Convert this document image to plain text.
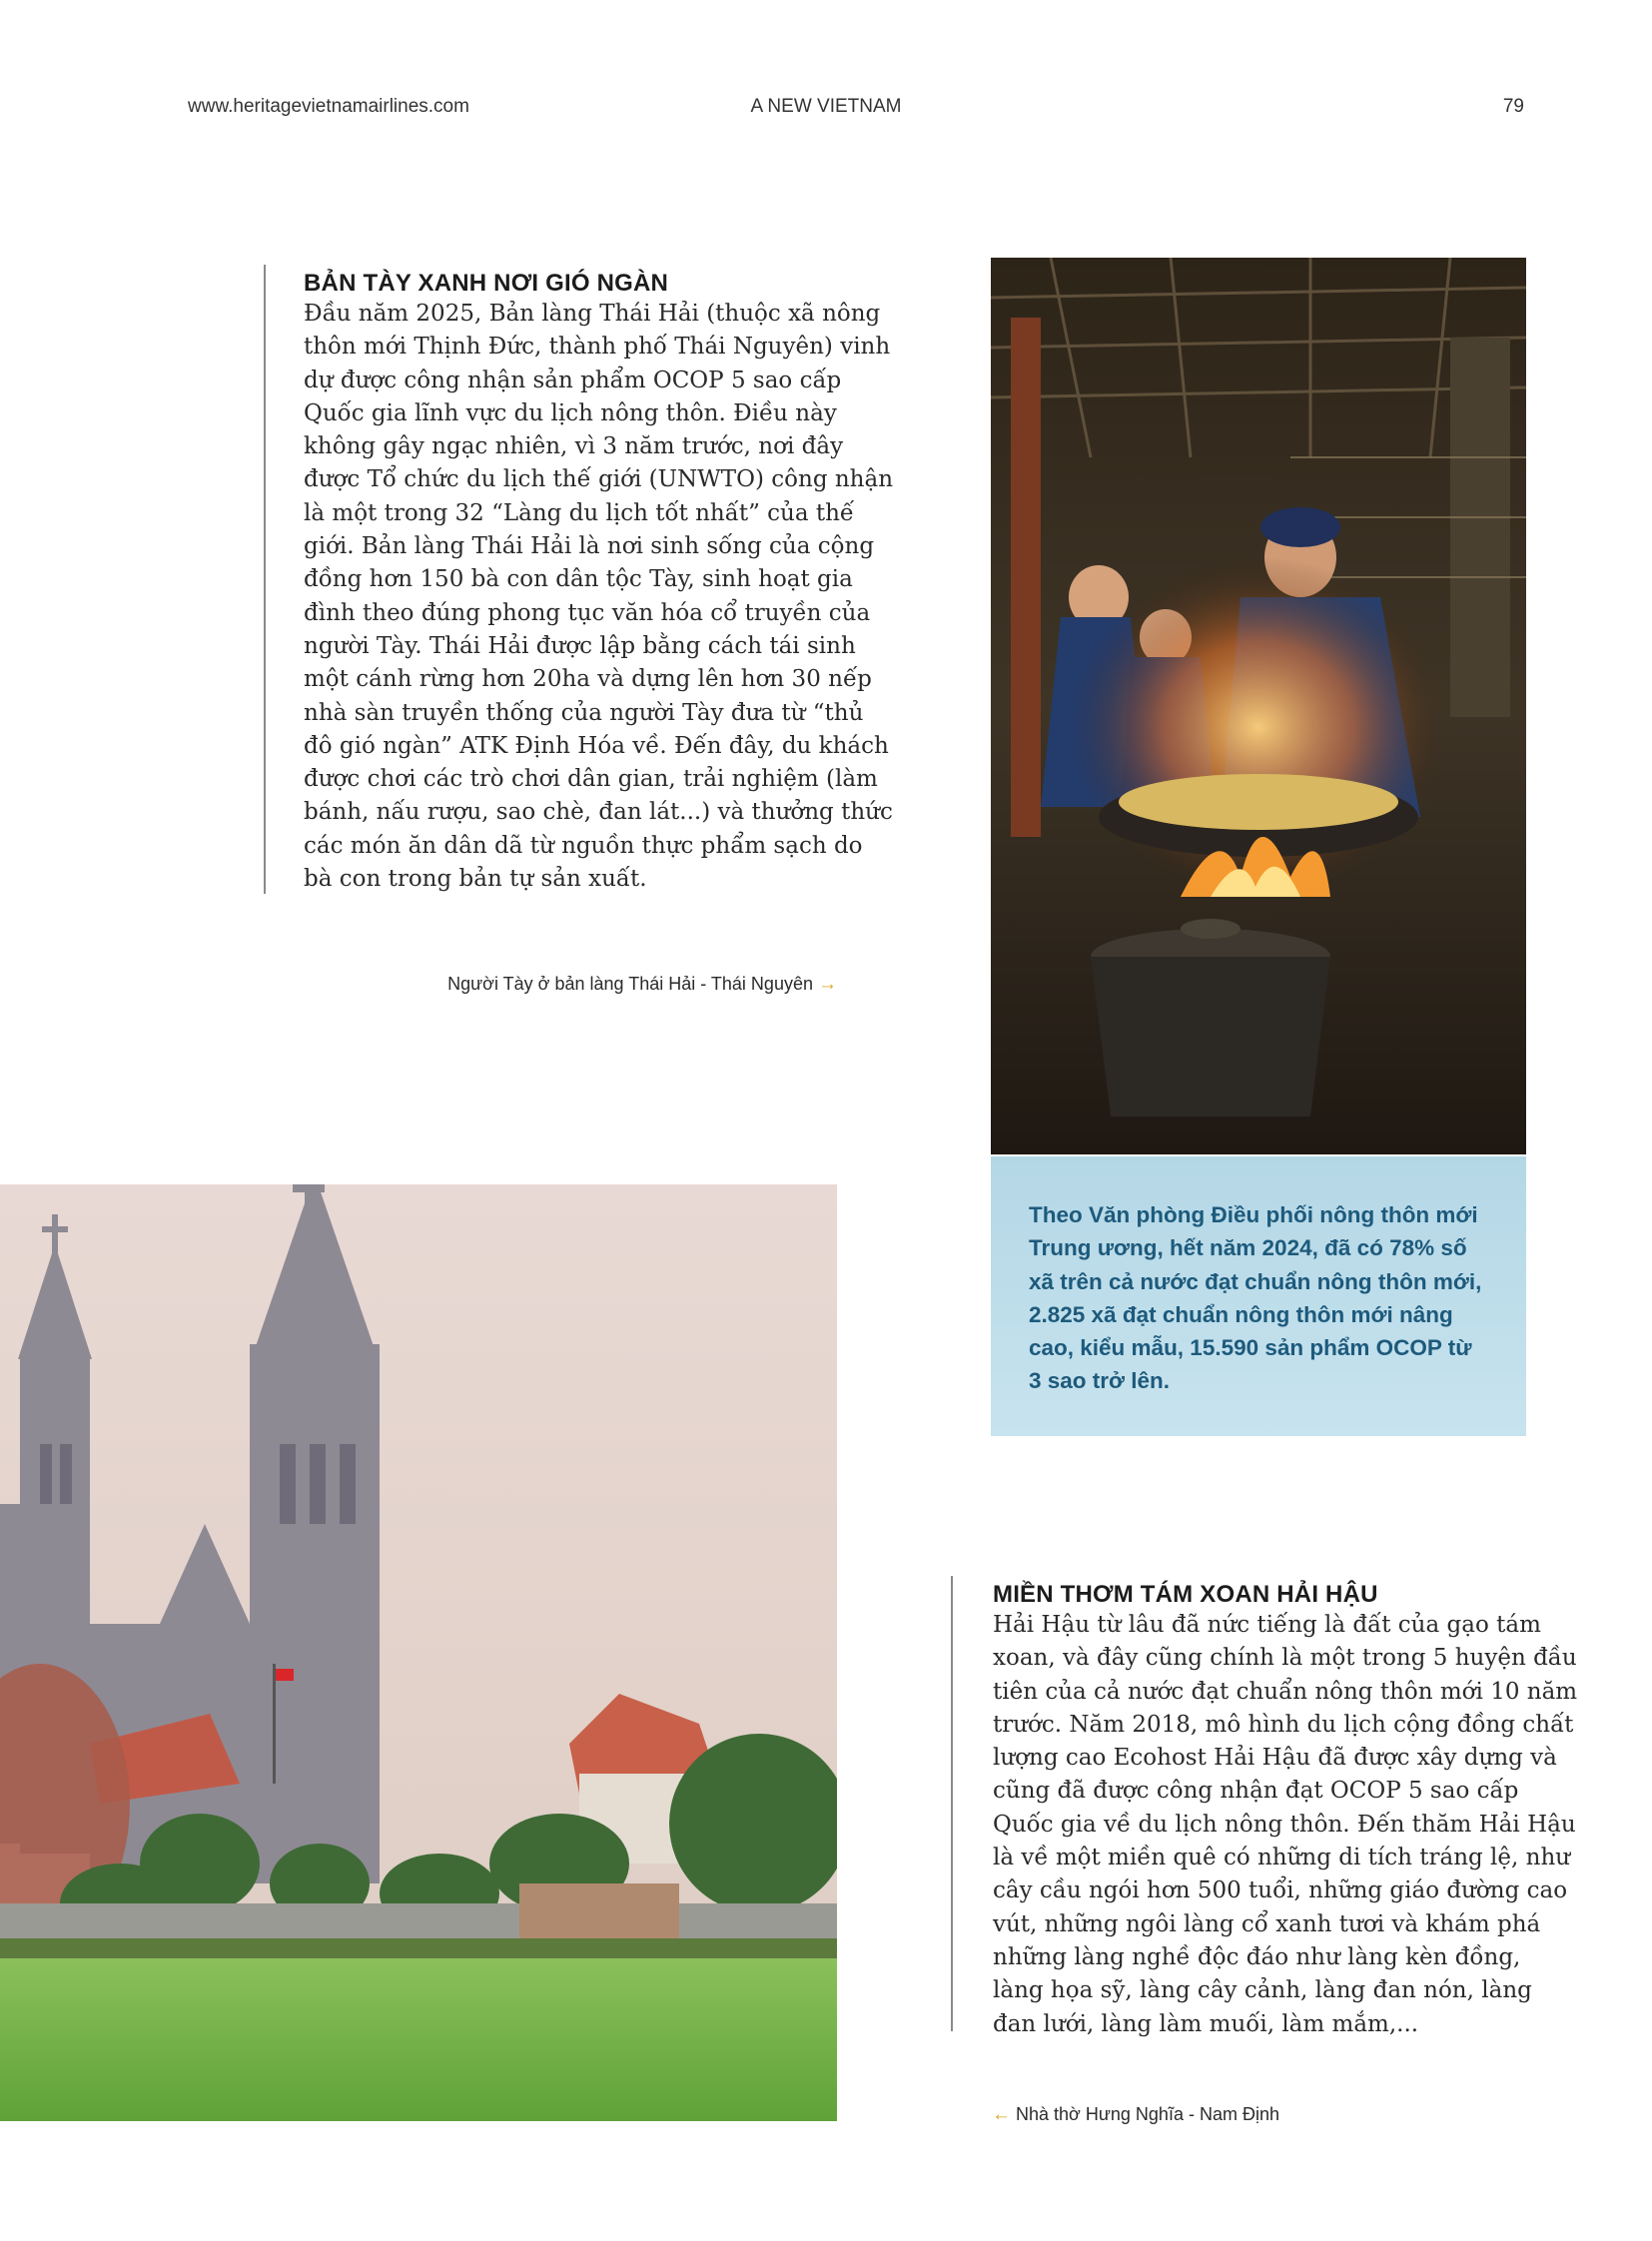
www.heritagevietnamairlines.com	A NEW VIETNAM	79
BẢN TÀY XANH NƠI GIÓ NGÀN

Đầu năm 2025, Bản làng Thái Hải (thuộc xã nông thôn mới Thịnh Đức, thành phố Thái Nguyên) vinh dự được công nhận sản phẩm OCOP 5 sao cấp Quốc gia lĩnh vực du lịch nông thôn. Điều này không gây ngạc nhiên, vì 3 năm trước, nơi đây được Tổ chức du lịch thế giới (UNWTO) công nhận là một trong 32 “Làng du lịch tốt nhất” của thế giới. Bản làng Thái Hải là nơi sinh sống của cộng đồng hơn 150 bà con dân tộc Tày, sinh hoạt gia đình theo đúng phong tục văn hóa cổ truyền của người Tày. Thái Hải được lập bằng cách tái sinh một cánh rừng hơn 20ha và dựng lên hơn 30 nếp nhà sàn truyền thống của người Tày đưa từ “thủ đô gió ngàn” ATK Định Hóa về. Đến đây, du khách được chơi các trò chơi dân gian, trải nghiệm (làm bánh, nấu rượu, sao chè, đan lát...) và thưởng thức các món ăn dân dã từ nguồn thực phẩm sạch do bà con trong bản tự sản xuất.

Người Tày ở bản làng Thái Hải - Thái Nguyên →

Theo Văn phòng Điều phối nông thôn mới Trung ương, hết năm 2024, đã có 78% số xã trên cả nước đạt chuẩn nông thôn mới, 2.825 xã đạt chuẩn nông thôn mới nâng cao, kiểu mẫu, 15.590 sản phẩm OCOP từ 3 sao trở lên.

MIỀN THƠM TÁM XOAN HẢI HẬU

Hải Hậu từ lâu đã nức tiếng là đất của gạo tám xoan, và đây cũng chính là một trong 5 huyện đầu tiên của cả nước đạt chuẩn nông thôn mới 10 năm trước. Năm 2018, mô hình du lịch cộng đồng chất lượng cao Ecohost Hải Hậu đã được xây dựng và cũng đã được công nhận đạt OCOP 5 sao cấp Quốc gia về du lịch nông thôn. Đến thăm Hải Hậu là về một miền quê có những di tích tráng lệ, như cây cầu ngói hơn 500 tuổi, những giáo đường cao vút, những ngôi làng cổ xanh tươi và khám phá những làng nghề độc đáo như làng kèn đồng, làng họa sỹ, làng cây cảnh, làng đan nón, làng đan lưới, làng làm muối, làm mắm,...

← Nhà thờ Hưng Nghĩa - Nam Định
